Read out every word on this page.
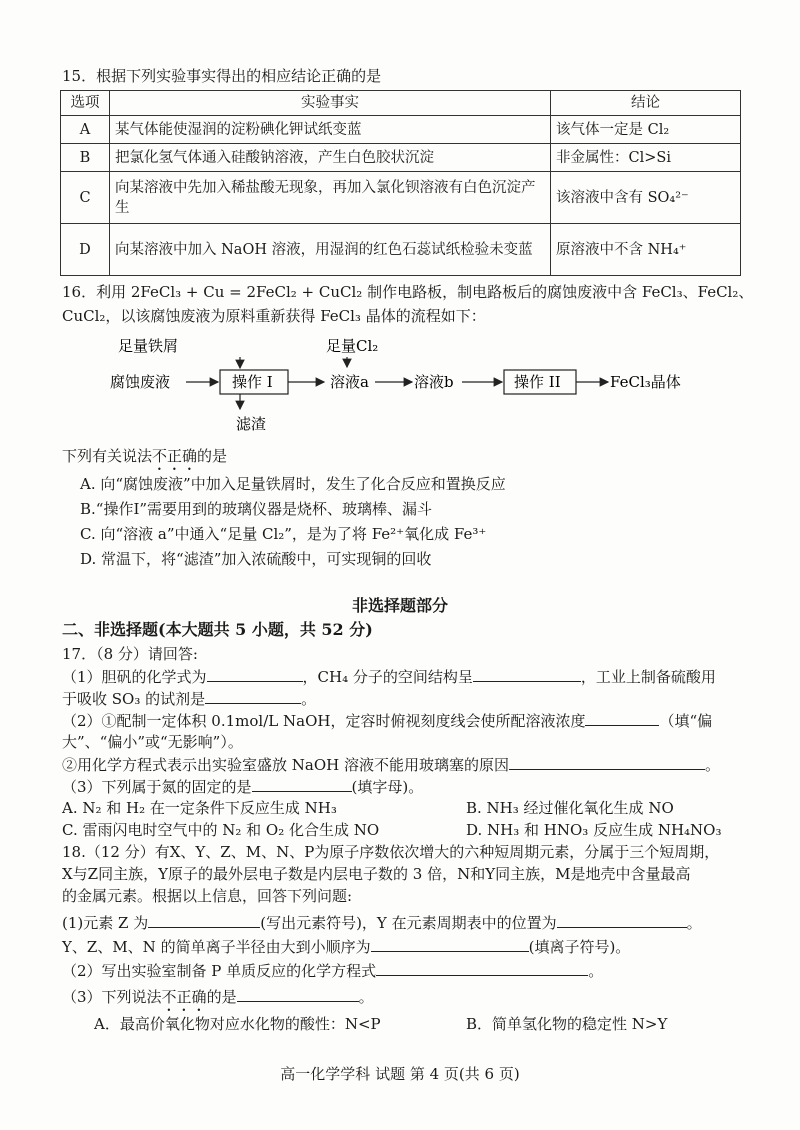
15．根据下列实验事实得出的相应结论正确的是
选项	实验事实	结论
A	某气体能使湿润的淀粉碘化钾试纸变蓝	该气体一定是 Cl₂
B	把氯化氢气体通入硅酸钠溶液，产生白色胶状沉淀	非金属性：Cl>Si
C	向某溶液中先加入稀盐酸无现象，再加入氯化钡溶液有白色沉淀产生	该溶液中含有 SO₄²⁻
D	向某溶液中加入 NaOH 溶液，用湿润的红色石蕊试纸检验未变蓝	原溶液中不含 NH₄⁺
16．利用 2FeCl₃ + Cu = 2FeCl₂ + CuCl₂ 制作电路板，制电路板后的腐蚀废液中含 FeCl₃、FeCl₂、
CuCl₂，以该腐蚀废液为原料重新获得 FeCl₃ 晶体的流程如下：
足量铁屑	足量Cl₂
腐蚀废液	操作 I
滤渣
溶液a	溶液b	操作 II	FeCl₃晶体
下列有关说法不正确的是
A. 向“腐蚀废液”中加入足量铁屑时，发生了化合反应和置换反应
B.“操作I”需要用到的玻璃仪器是烧杯、玻璃棒、漏斗
C. 向“溶液 a”中通入“足量 Cl₂”，是为了将 Fe²⁺氧化成 Fe³⁺
D. 常温下，将“滤渣”加入浓硫酸中，可实现铜的回收
非选择题部分
二、非选择题(本大题共 5 小题，共 52 分)
17．（8 分）请回答:
（1）胆矾的化学式为	，CH₄ 分子的空间结构呈	，工业上制备硫酸用
于吸收 SO₃ 的试剂是	。
（2）①配制一定体积 0.1mol/L NaOH，定容时俯视刻度线会使所配溶液浓度	（填“偏
大”、“偏小”或“无影响”）。
②用化学方程式表示出实验室盛放 NaOH 溶液不能用玻璃塞的原因	。
（3）下列属于氮的固定的是	(填字母)。
A. N₂ 和 H₂ 在一定条件下反应生成 NH₃	B. NH₃ 经过催化氧化生成 NO
C. 雷雨闪电时空气中的 N₂ 和 O₂ 化合生成 NO	D. NH₃ 和 HNO₃ 反应生成 NH₄NO₃
18.（12 分）有X、Y、Z、M、N、P为原子序数依次增大的六种短周期元素，分属于三个短周期，
X与Z同主族，Y原子的最外层电子数是内层电子数的 3 倍，N和Y同主族，M是地壳中含量最高
的金属元素。根据以上信息，回答下列问题:
(1)元素 Z 为	(写出元素符号)，Y 在元素周期表中的位置为	。
Y、Z、M、N 的简单离子半径由大到小顺序为	(填离子符号)。
（2）写出实验室制备 P 单质反应的化学方程式	。
（3）下列说法不正确的是	。
A．最高价氧化物对应水化物的酸性：N<P	B．简单氢化物的稳定性 N>Y
高一化学学科 试题 第 4 页(共 6 页)
